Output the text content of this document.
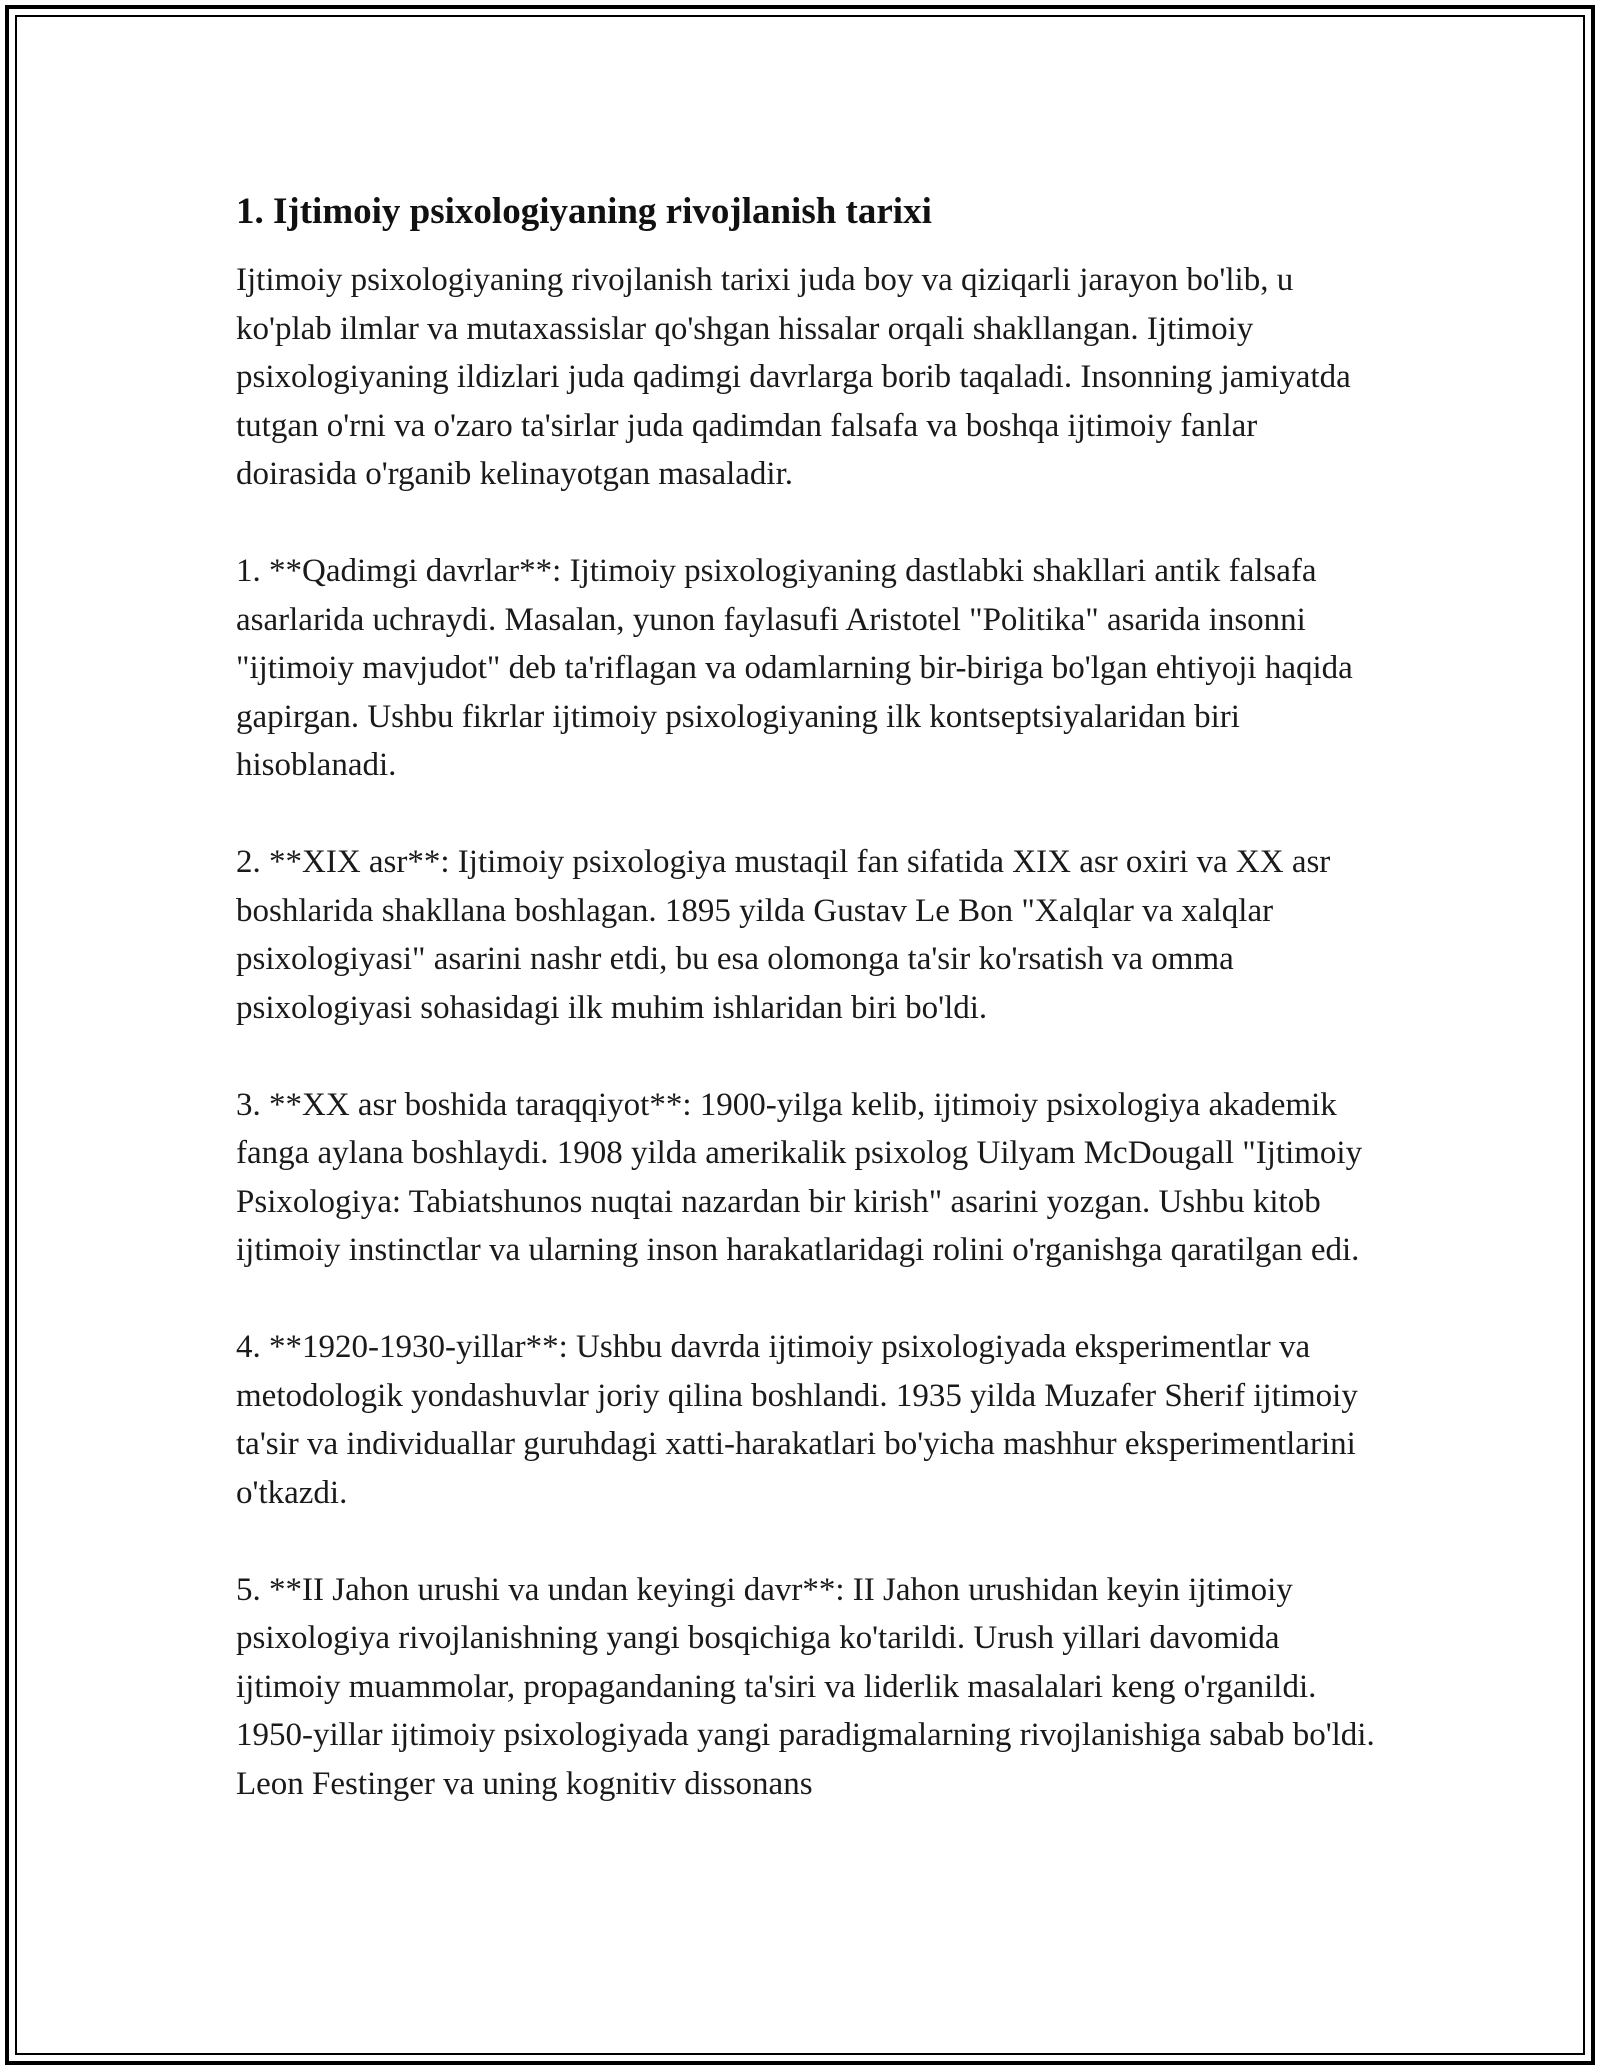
1. Ijtimoiy psixologiyaning rivojlanish tarixi

Ijtimoiy psixologiyaning rivojlanish tarixi juda boy va qiziqarli jarayon bo'lib, u ko'plab ilmlar va mutaxassislar qo'shgan hissalar orqali shakllangan. Ijtimoiy psixologiyaning ildizlari juda qadimgi davrlarga borib taqaladi. Insonning jamiyatda tutgan o'rni va o'zaro ta'sirlar juda qadimdan falsafa va boshqa ijtimoiy fanlar doirasida o'rganib kelinayotgan masaladir.

1. **Qadimgi davrlar**: Ijtimoiy psixologiyaning dastlabki shakllari antik falsafa asarlarida uchraydi. Masalan, yunon faylasufi Aristotel "Politika" asarida insonni "ijtimoiy mavjudot" deb ta'riflagan va odamlarning bir-biriga bo'lgan ehtiyoji haqida gapirgan. Ushbu fikrlar ijtimoiy psixologiyaning ilk kontseptsiyalaridan biri hisoblanadi.

2. **XIX asr**: Ijtimoiy psixologiya mustaqil fan sifatida XIX asr oxiri va XX asr boshlarida shakllana boshlagan. 1895 yilda Gustav Le Bon "Xalqlar va xalqlar psixologiyasi" asarini nashr etdi, bu esa olomonga ta'sir ko'rsatish va omma psixologiyasi sohasidagi ilk muhim ishlaridan biri bo'ldi.

3. **XX asr boshida taraqqiyot**: 1900-yilga kelib, ijtimoiy psixologiya akademik fanga aylana boshlaydi. 1908 yilda amerikalik psixolog Uilyam McDougall "Ijtimoiy Psixologiya: Tabiatshunos nuqtai nazardan bir kirish" asarini yozgan. Ushbu kitob ijtimoiy instinctlar va ularning inson harakatlaridagi rolini o'rganishga qaratilgan edi.

4. **1920-1930-yillar**: Ushbu davrda ijtimoiy psixologiyada eksperimentlar va metodologik yondashuvlar joriy qilina boshlandi. 1935 yilda Muzafer Sherif ijtimoiy ta'sir va individuallar guruhdagi xatti-harakatlari bo'yicha mashhur eksperimentlarini o'tkazdi.

5. **II Jahon urushi va undan keyingi davr**: II Jahon urushidan keyin ijtimoiy psixologiya rivojlanishning yangi bosqichiga ko'tarildi. Urush yillari davomida ijtimoiy muammolar, propagandaning ta'siri va liderlik masalalari keng o'rganildi. 1950-yillar ijtimoiy psixologiyada yangi paradigmalarning rivojlanishiga sabab bo'ldi. Leon Festinger va uning kognitiv dissonans
